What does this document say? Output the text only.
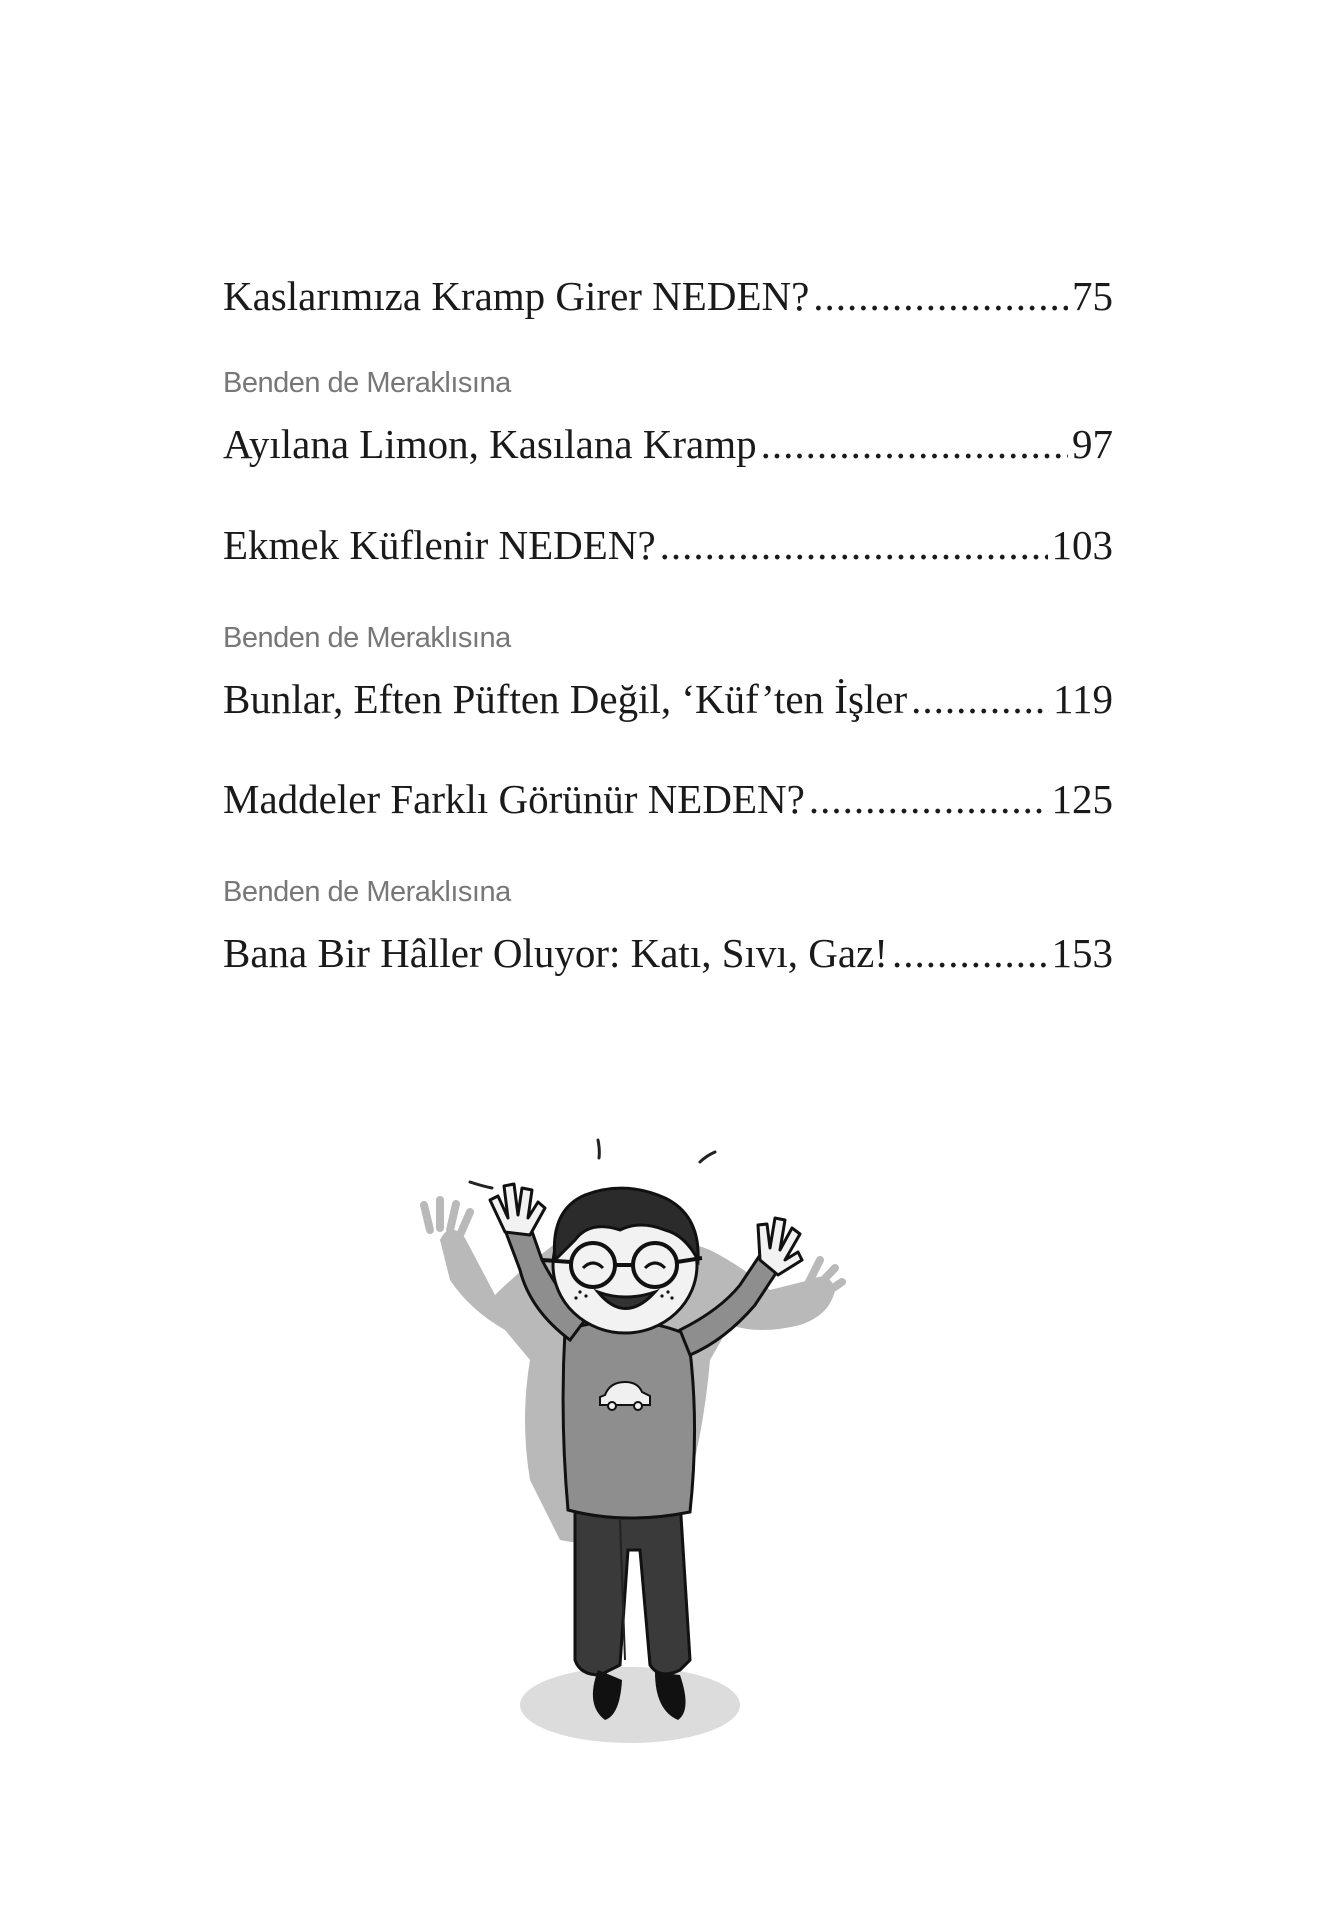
Kaslarımıza Kramp Girer NEDEN? .....	75
Benden de Meraklısına
Ayılana Limon, Kasılana Kramp .....	97
Ekmek Küflenir NEDEN? .....	103
Benden de Meraklısına
Bunlar, Eften Püften Değil, ‘Küf’ten İşler .....	119
Maddeler Farklı Görünür NEDEN? .....	125
Benden de Meraklısına
Bana Bir Hâller Oluyor: Katı, Sıvı, Gaz! .....	153
